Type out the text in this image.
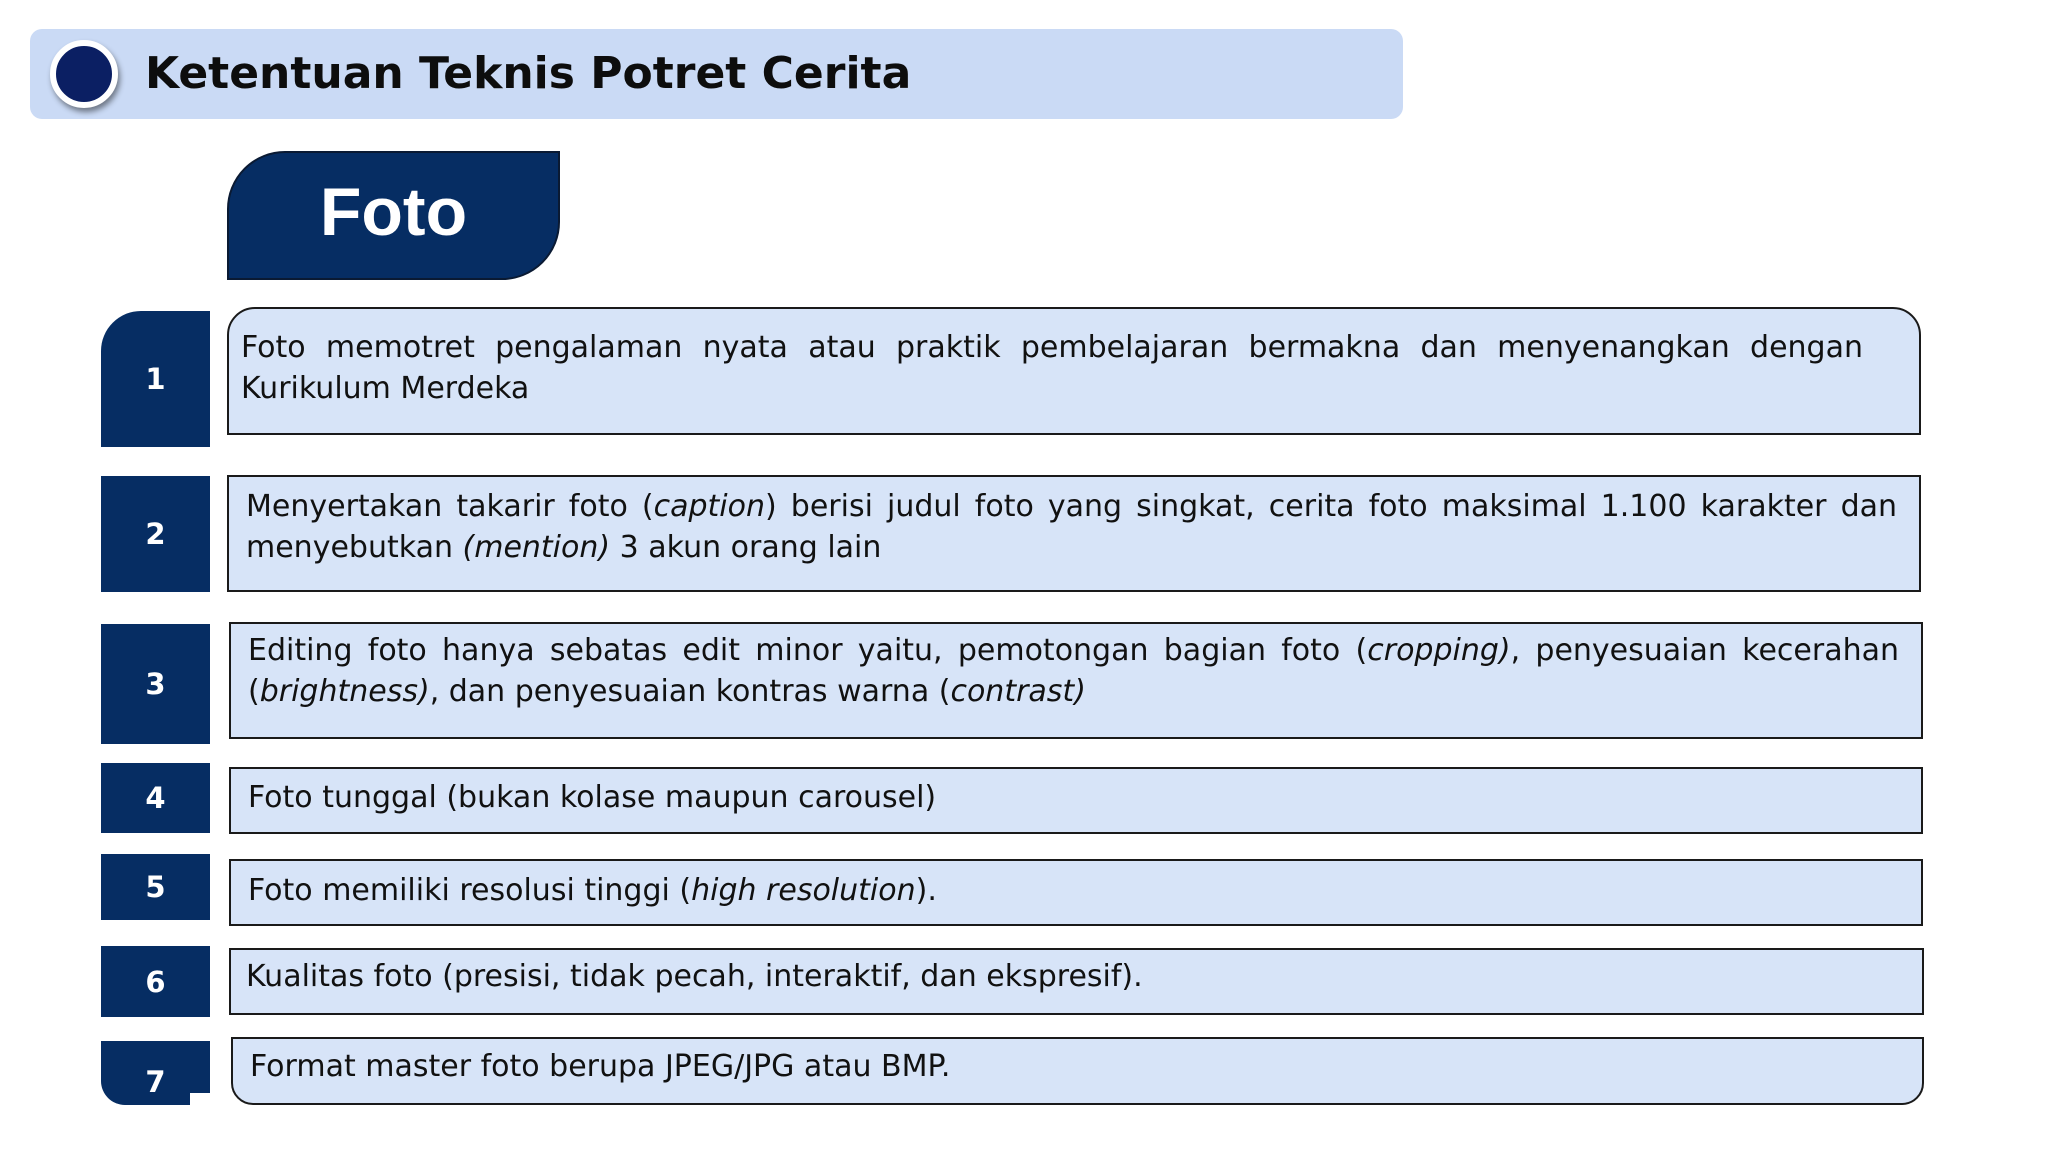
Ketentuan Teknis Potret Cerita
Foto
1
Foto memotret pengalaman nyata atau praktik pembelajaran bermakna dan menyenangkan dengan Kurikulum Merdeka
2
Menyertakan takarir foto (caption) berisi judul foto yang singkat, cerita foto maksimal 1.100 karakter dan menyebutkan (mention) 3 akun orang lain
3
Editing foto hanya sebatas edit minor yaitu, pemotongan bagian foto (cropping), penyesuaian kecerahan (brightness), dan penyesuaian kontras warna (contrast)
4	Foto tunggal (bukan kolase maupun carousel)
5	Foto memiliki resolusi tinggi (high resolution).
6	Kualitas foto (presisi, tidak pecah, interaktif, dan ekspresif).
7	Format master foto berupa JPEG/JPG atau BMP.
